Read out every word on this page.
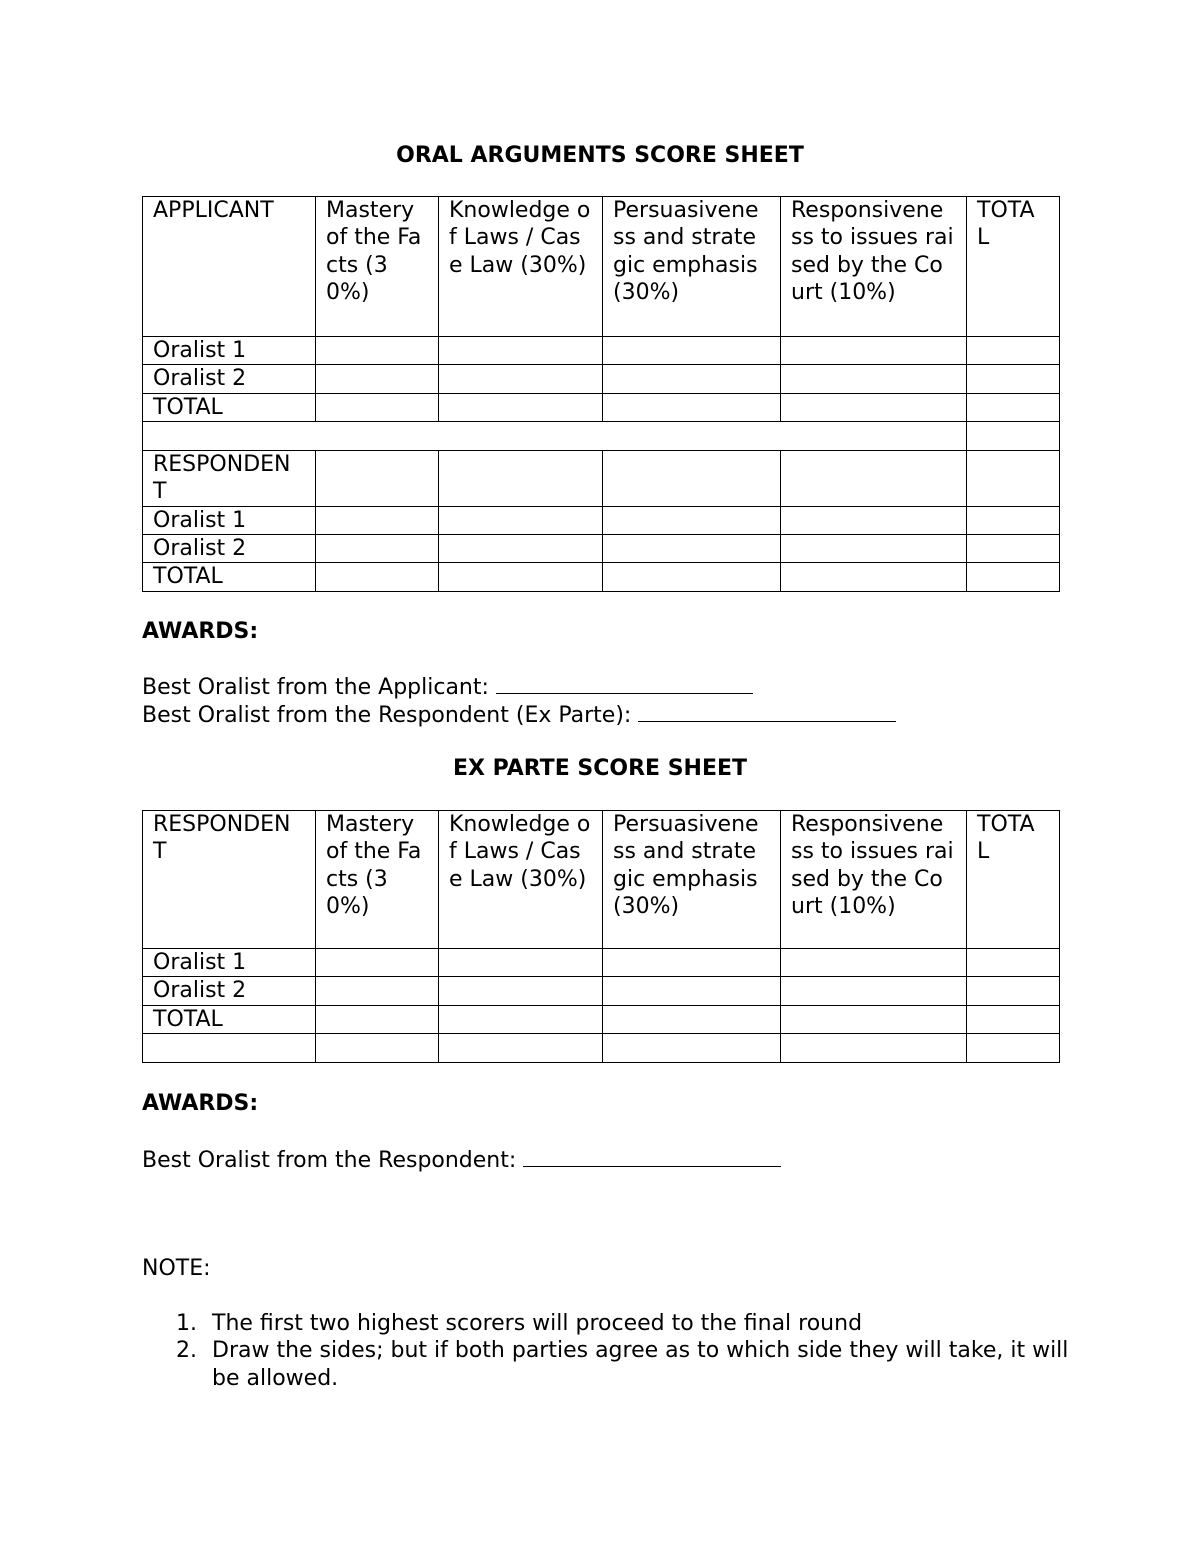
ORAL ARGUMENTS SCORE SHEET
APPLICANT	Mastery of the Facts (30%)	Knowledge of Laws / Case Law (30%)	Persuasivene ss and strategic emphasis (30%)	Responsivene ss to issues raised by the Court (10%)	TOTA L
Oralist 1					
Oralist 2					
TOTAL					

RESPONDEN T					
Oralist 1					
Oralist 2					
TOTAL					
AWARDS:
Best Oralist from the Applicant:
Best Oralist from the Respondent (Ex Parte):
EX PARTE SCORE SHEET
RESPONDEN T	Mastery of the Facts (30%)	Knowledge of Laws / Case Law (30%)	Persuasivene ss and strategic emphasis (30%)	Responsivene ss to issues raised by the Court (10%)	TOTA L
Oralist 1					
Oralist 2					
TOTAL					

AWARDS:
Best Oralist from the Respondent:
NOTE:
1. The first two highest scorers will proceed to the final round
2. Draw the sides; but if both parties agree as to which side they will take, it will be allowed.
